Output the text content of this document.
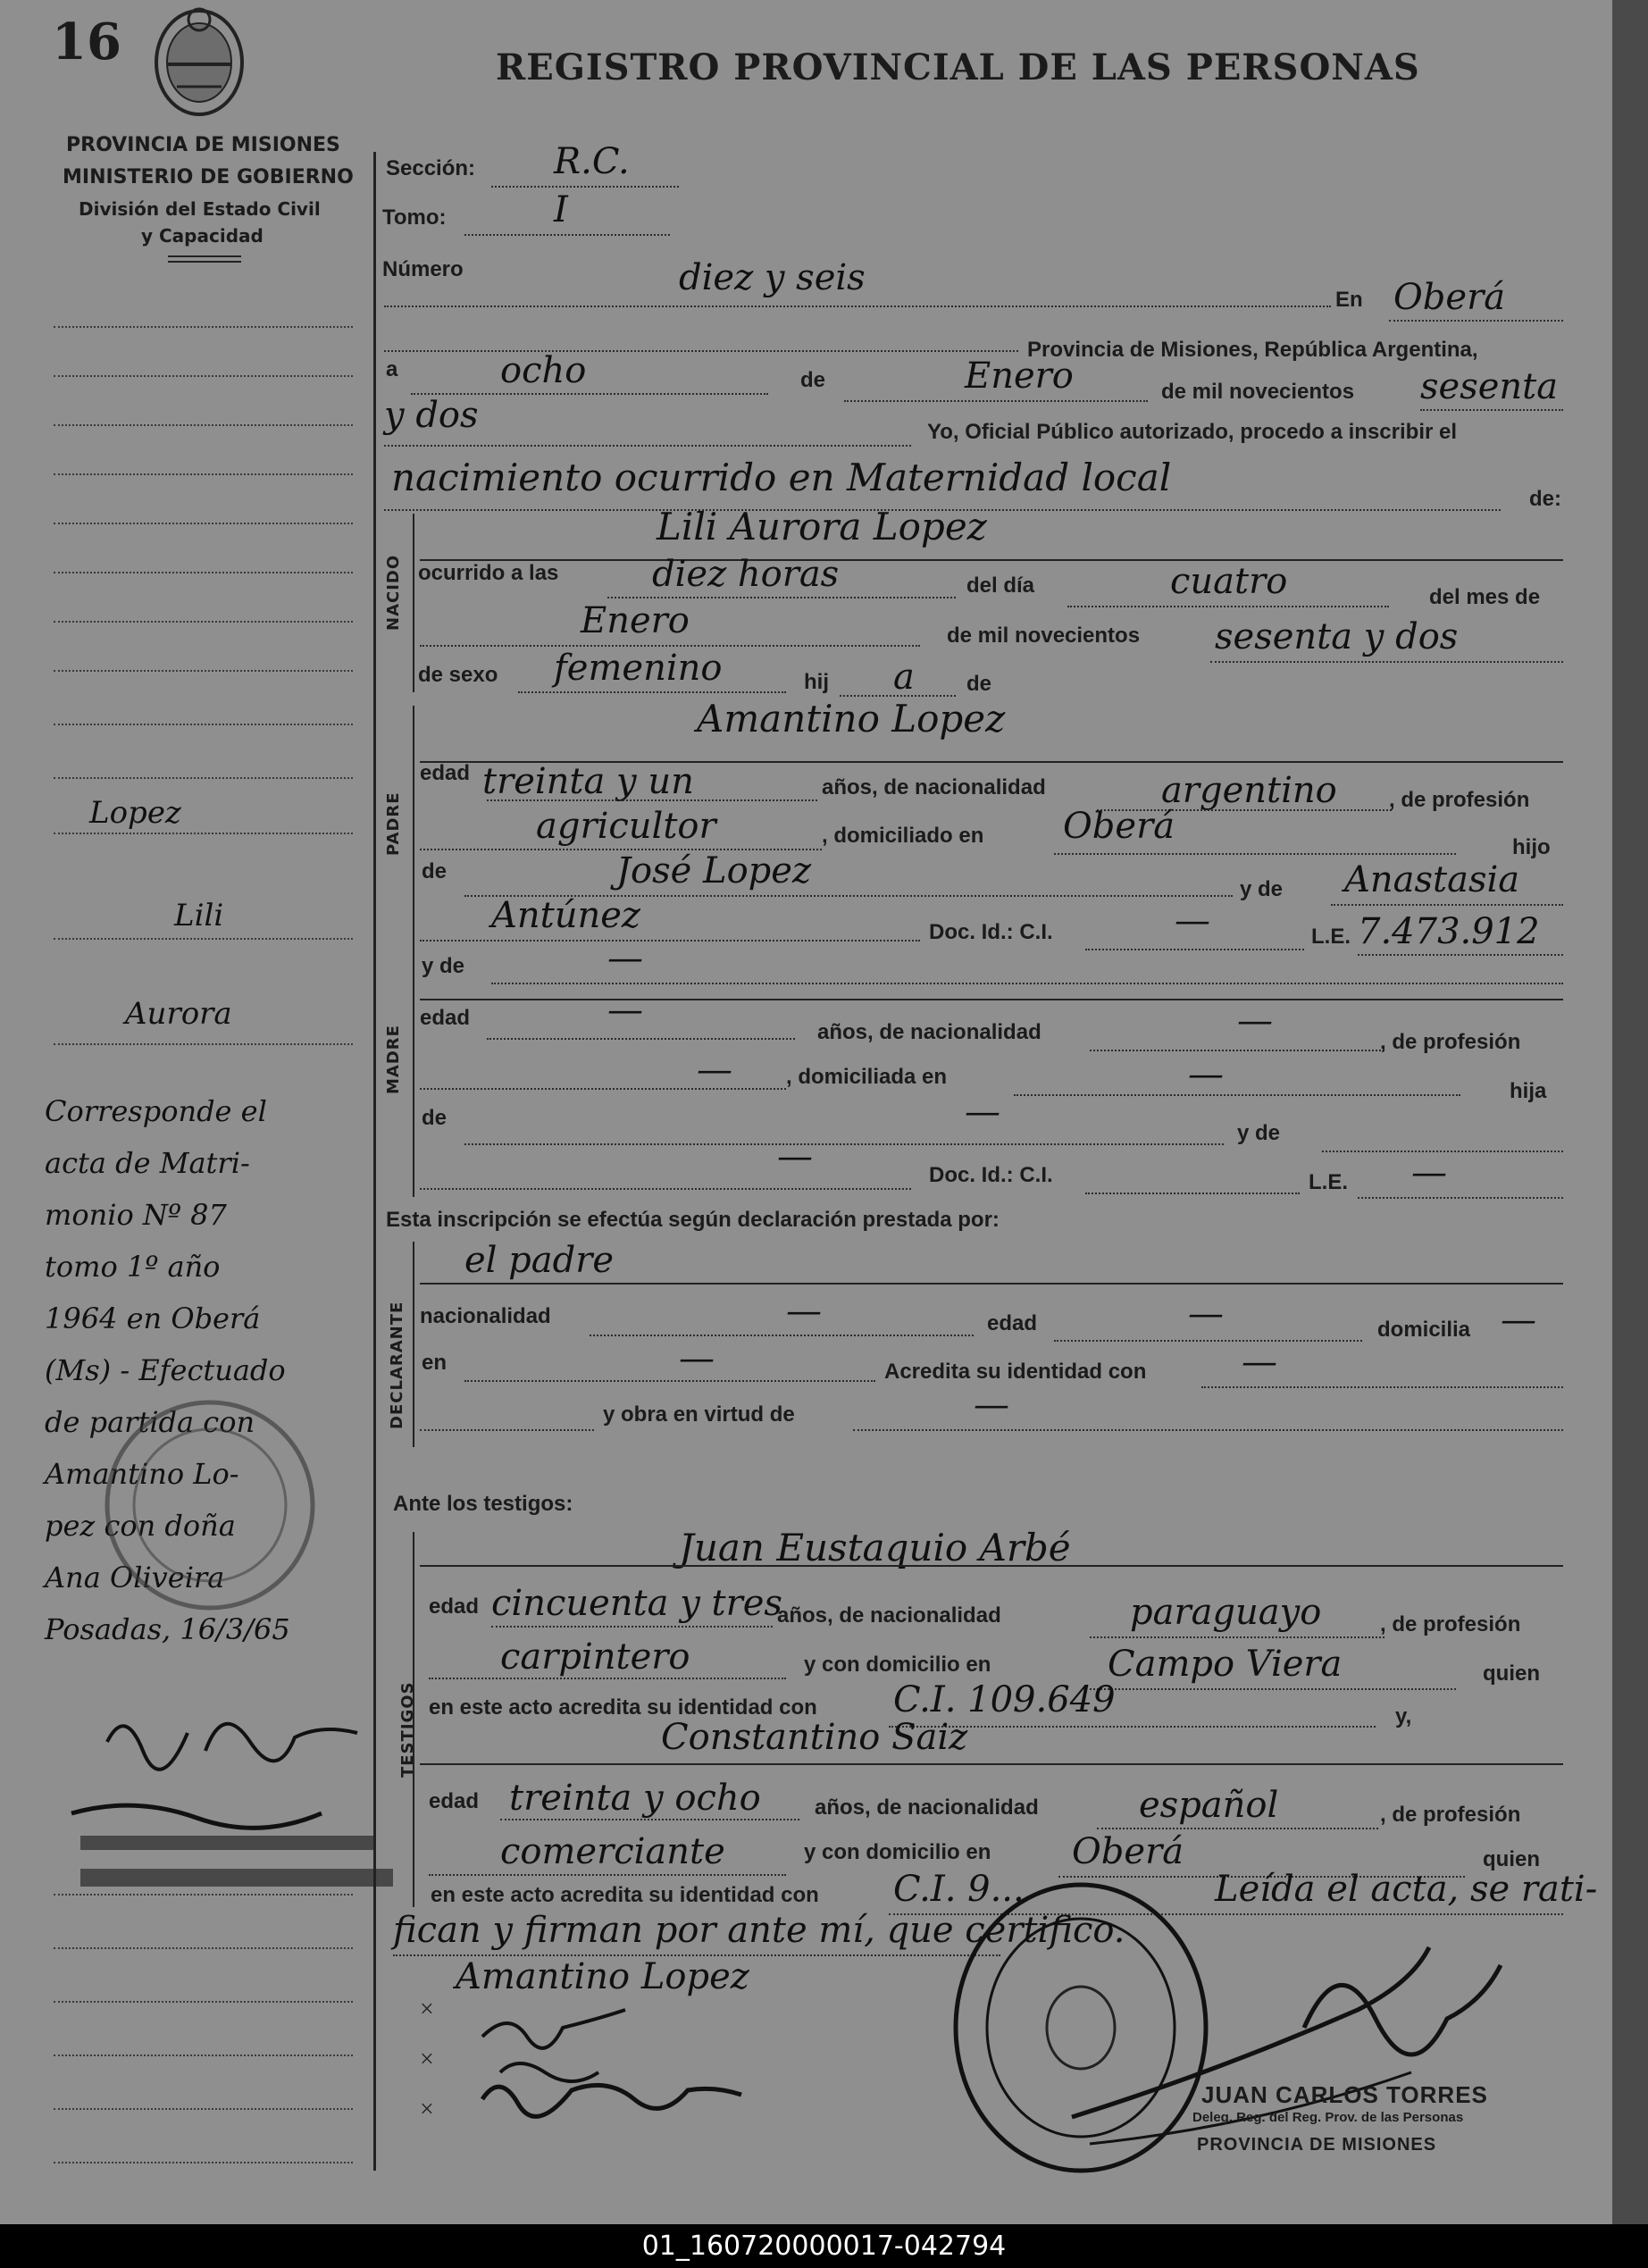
16	REGISTRO PROVINCIAL DE LAS PERSONAS
PROVINCIA DE MISIONES
MINISTERIO DE GOBIERNO
División del Estado Civil
y Capacidad
Lopez
Lili
Aurora
Corresponde el
acta de Matri-
monio Nº 87
tomo 1º año
1964 en Oberá
(Ms) - Efectuado
de partida con
Amantino Lo-
pez con doña
Ana Oliveira
Posadas, 16/3/65
Sección: R.C.
Tomo:	I
Número	diez y seis
En Oberá
Provincia de Misiones, República Argentina,
a	ocho	de	Enero	de mil novecientos sesenta
y dos	Yo, Oficial Público autorizado, procedo a inscribir el
nacimiento ocurrido en Maternidad local	de:
NACIDO
Lili Aurora Lopez
ocurrido a las	diez horas	del día	cuatro	del mes de
Enero	de mil novecientos sesenta y dos
de sexo femenino	hij a de
PADRE
Amantino Lopez
edad treinta y un	años, de nacionalidad	argentino , de profesión
agricultor	, domiciliado en Oberá
hijo
de	José Lopez	y de Anastasia
Antúnez	Doc. Id.: C.I.	—	L.E. 7.473.912
MADRE
y de	—
edad	—
años, de nacionalidad	—
, de profesión
—	, domiciliada en	—	hija
de	—
y de
—	Doc. Id.: C.I.	L.E. —
Esta inscripción se efectúa según declaración prestada por:
DECLARANTE
el padre
nacionalidad	—	edad	—	domicilia —
en	—	Acredita su identidad con	—
y obra en virtud de	—
Ante los testigos:
TESTIGOS
Juan Eustaquio Arbé
edad cincuenta y tres
años, de nacionalidad	paraguayo	, de profesión
carpintero	y con domicilio en	Campo Viera	quien
en este acto acredita su identidad con C.I. 109.649	y,
Constantino Saiz
edad treinta y ocho	años, de nacionalidad	español	, de profesión
comerciante	y con domicilio en Oberá	quien
en este acto acredita su identidad con C.I. 9...	Leída el acta, se rati-
fican y firman por ante mí, que certifico.
Amantino Lopez
×
×
×
JUAN CARLOS TORRES
Deleg. Reg. del Reg. Prov. de las Personas
PROVINCIA DE MISIONES
01_160720000017-042794
